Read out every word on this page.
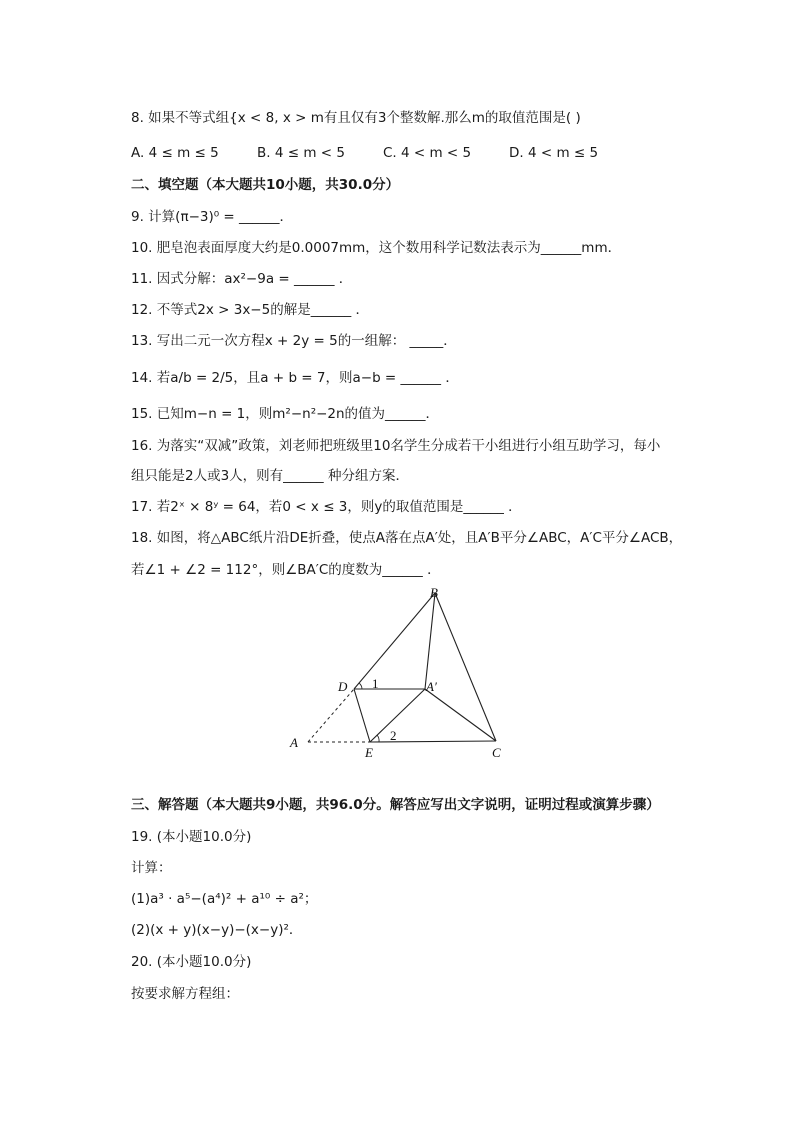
8. 如果不等式组{x < 8, x > m有且仅有3个整数解.那么m的取值范围是( )
A. 4 ≤ m ≤ 5	B. 4 ≤ m < 5	C. 4 < m < 5	D. 4 < m ≤ 5
二、填空题（本大题共10小题，共30.0分）
9. 计算(π−3)⁰ = ______．
10. 肥皂泡表面厚度大约是0.0007mm，这个数用科学记数法表示为______mm．
11. 因式分解：ax²−9a = ______ ．
12. 不等式2x > 3x−5的解是______ ．
13. 写出二元一次方程x + 2y = 5的一组解： _____．
14. 若a/b = 2/5，且a + b = 7，则a−b = ______ ．
15. 已知m−n = 1，则m²−n²−2n的值为______．
16. 为落实“双减”政策，刘老师把班级里10名学生分成若干小组进行小组互助学习，每小
组只能是2人或3人，则有______ 种分组方案．
17. 若2ˣ × 8ʸ = 64，若0 < x ≤ 3，则y的取值范围是______ ．
18. 如图，将△ABC纸片沿DE折叠，使点A落在点A′处，且A′B平分∠ABC，A′C平分∠ACB，
若∠1 + ∠2 = 112°，则∠BA′C的度数为______ ．
A
B
C
D
E
A′
1
2
三、解答题（本大题共9小题，共96.0分。解答应写出文字说明，证明过程或演算步骤）
19. (本小题10.0分)
计算：
(1)a³ · a⁵−(a⁴)² + a¹⁰ ÷ a²；
(2)(x + y)(x−y)−(x−y)²．
20. (本小题10.0分)
按要求解方程组：
